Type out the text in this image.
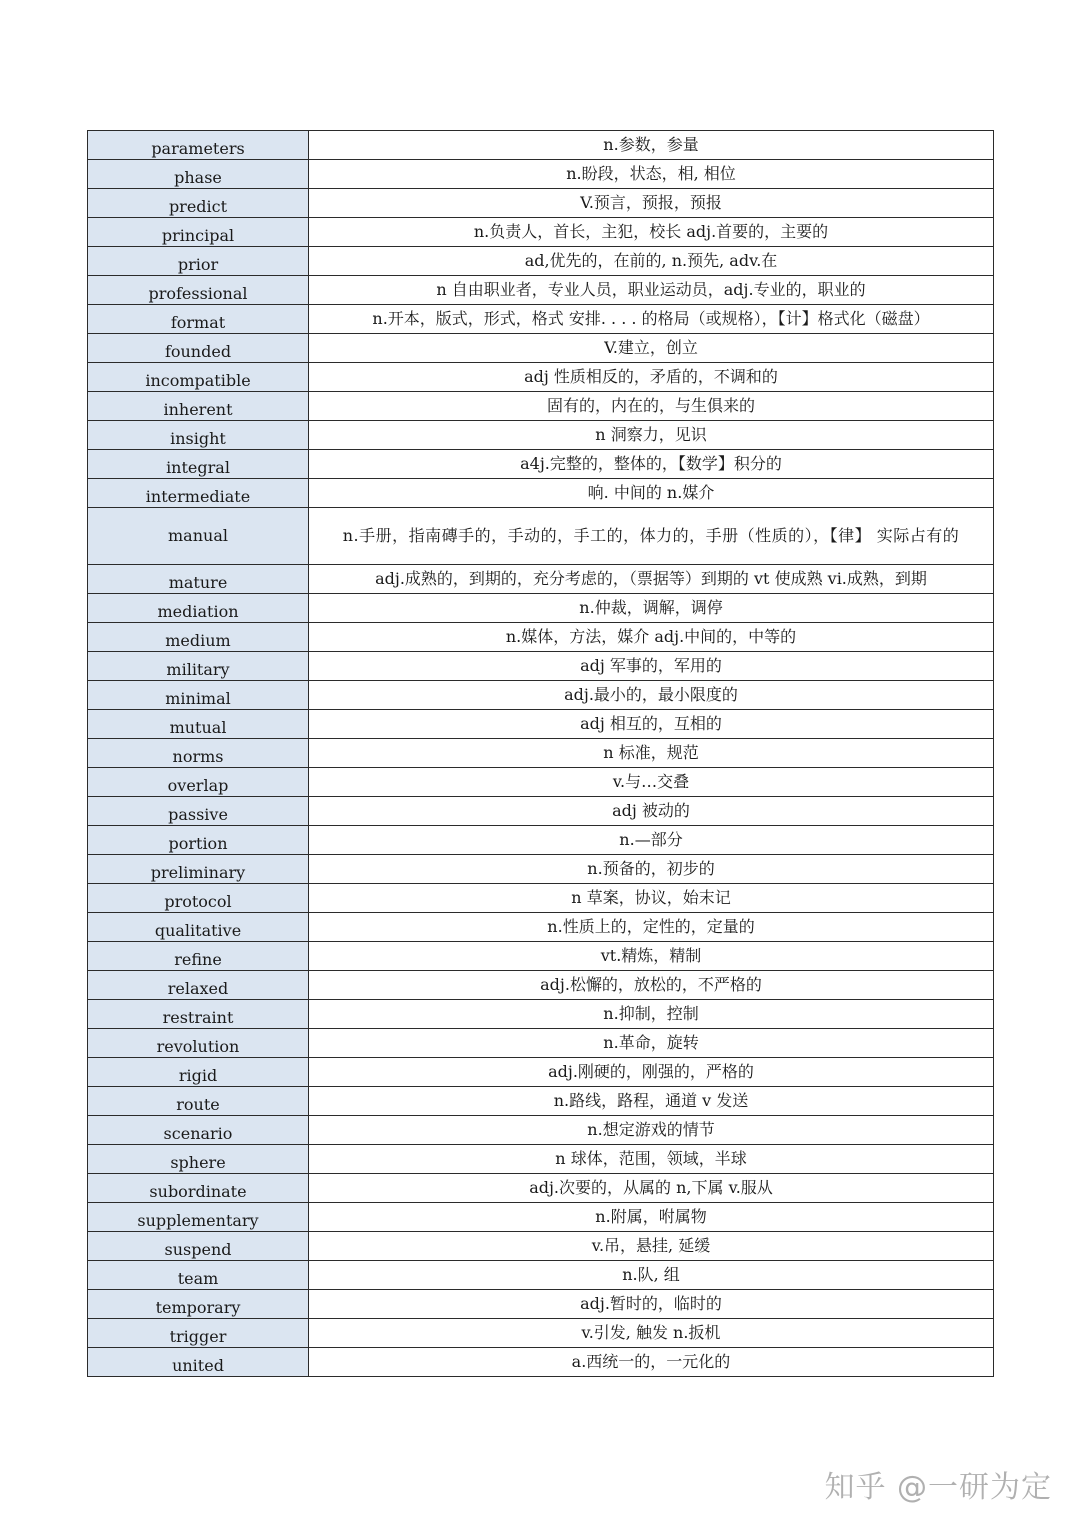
parameters	n.参数，参量
phase	n.盼段，状态，相, 相位
predict	V.预言，预报，预报
principal	n.负责人，首长，主犯，校长 adj.首要的，主要的
prior	ad,优先的，在前的, n.预先, adv.在
professional	n 自由职业者，专业人员，职业运动员，adj.专业的，职业的
format	n.开本，版式，形式，格式 安排. . . . 的格局（或规格），【计】格式化（磁盘）
founded	V.建立，创立
incompatible	adj 性质相反的，矛盾的，不调和的
inherent	固有的，内在的，与生俱来的
insight	n 洞察力，见识
integral	a4j.完整的，整体的，【数学】积分的
intermediate	响. 中间的 n.媒介
manual	n.手册，指南磚手的，手动的，手工的，体力的，手册（性质的），【律】 实际占有的
mature	adj.成熟的，到期的，充分考虑的，（票据等）到期的 vt 使成熟 vi.成熟，到期
mediation	n.仲裁，调解，调停
medium	n.媒体，方法，媒介 adj.中间的，中等的
military	adj 军事的，军用的
minimal	adj.最小的，最小限度的
mutual	adj 相互的，互相的
norms	n 标准，规范
overlap	v.与…交叠
passive	adj 被动的
portion	n.—部分
preliminary	n.预备的，初步的
protocol	n 草案，协议，始末记
qualitative	n.性质上的，定性的，定量的
refine	vt.精炼，精制
relaxed	adj.松懈的，放松的，不严格的
restraint	n.抑制，控制
revolution	n.革命，旋转
rigid	adj.刚硬的，刚强的，严格的
route	n.路线，路程，通道 v 发送
scenario	n.想定游戏的情节
sphere	n 球体，范围，领域，半球
subordinate	adj.次要的，从属的 n,下属 v.服从
supplementary	n.附属，咐属物
suspend	v.吊，悬挂, 延缓
team	n.队, 组
temporary	adj.暂时的，临时的
trigger	v.引发, 触发 n.扳机
united	a.西统一的，一元化的
知乎 @一研为定
